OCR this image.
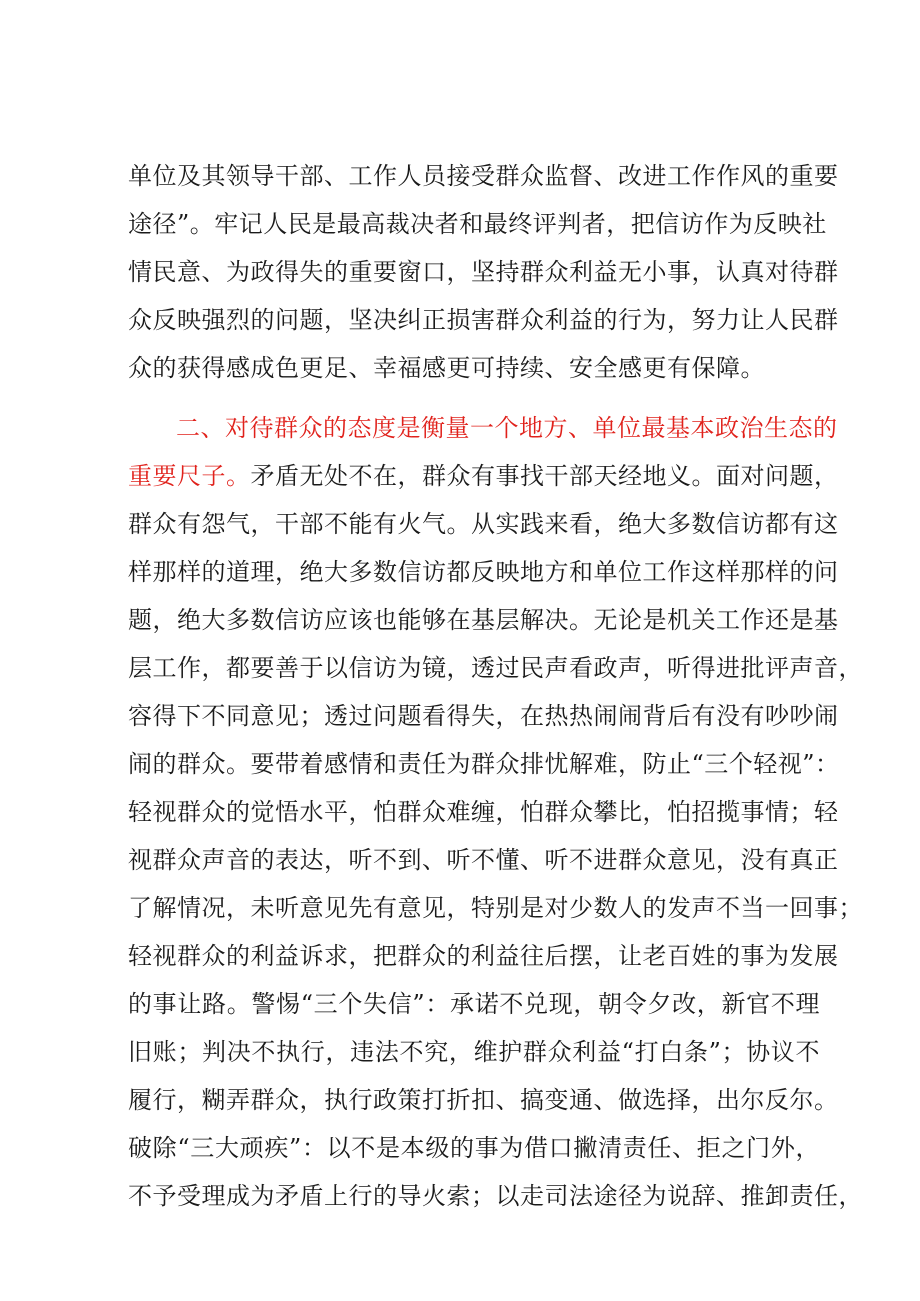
单位及其领导干部、工作人员接受群众监督、改进工作作风的重要
途径”。牢记人民是最高裁决者和最终评判者，把信访作为反映社
情民意、为政得失的重要窗口，坚持群众利益无小事，认真对待群
众反映强烈的问题，坚决纠正损害群众利益的行为，努力让人民群
众的获得感成色更足、幸福感更可持续、安全感更有保障。
二、对待群众的态度是衡量一个地方、单位最基本政治生态的
重要尺子。矛盾无处不在，群众有事找干部天经地义。面对问题，
群众有怨气，干部不能有火气。从实践来看，绝大多数信访都有这
样那样的道理，绝大多数信访都反映地方和单位工作这样那样的问
题，绝大多数信访应该也能够在基层解决。无论是机关工作还是基
层工作，都要善于以信访为镜，透过民声看政声，听得进批评声音，
容得下不同意见；透过问题看得失，在热热闹闹背后有没有吵吵闹
闹的群众。要带着感情和责任为群众排忧解难，防止“三个轻视”：
轻视群众的觉悟水平，怕群众难缠，怕群众攀比，怕招揽事情；轻
视群众声音的表达，听不到、听不懂、听不进群众意见，没有真正
了解情况，未听意见先有意见，特别是对少数人的发声不当一回事；
轻视群众的利益诉求，把群众的利益往后摆，让老百姓的事为发展
的事让路。警惕“三个失信”：承诺不兑现，朝令夕改，新官不理
旧账；判决不执行，违法不究，维护群众利益“打白条”；协议不
履行，糊弄群众，执行政策打折扣、搞变通、做选择，出尔反尔。
破除“三大顽疾”：以不是本级的事为借口撇清责任、拒之门外，
不予受理成为矛盾上行的导火索；以走司法途径为说辞、推卸责任，
